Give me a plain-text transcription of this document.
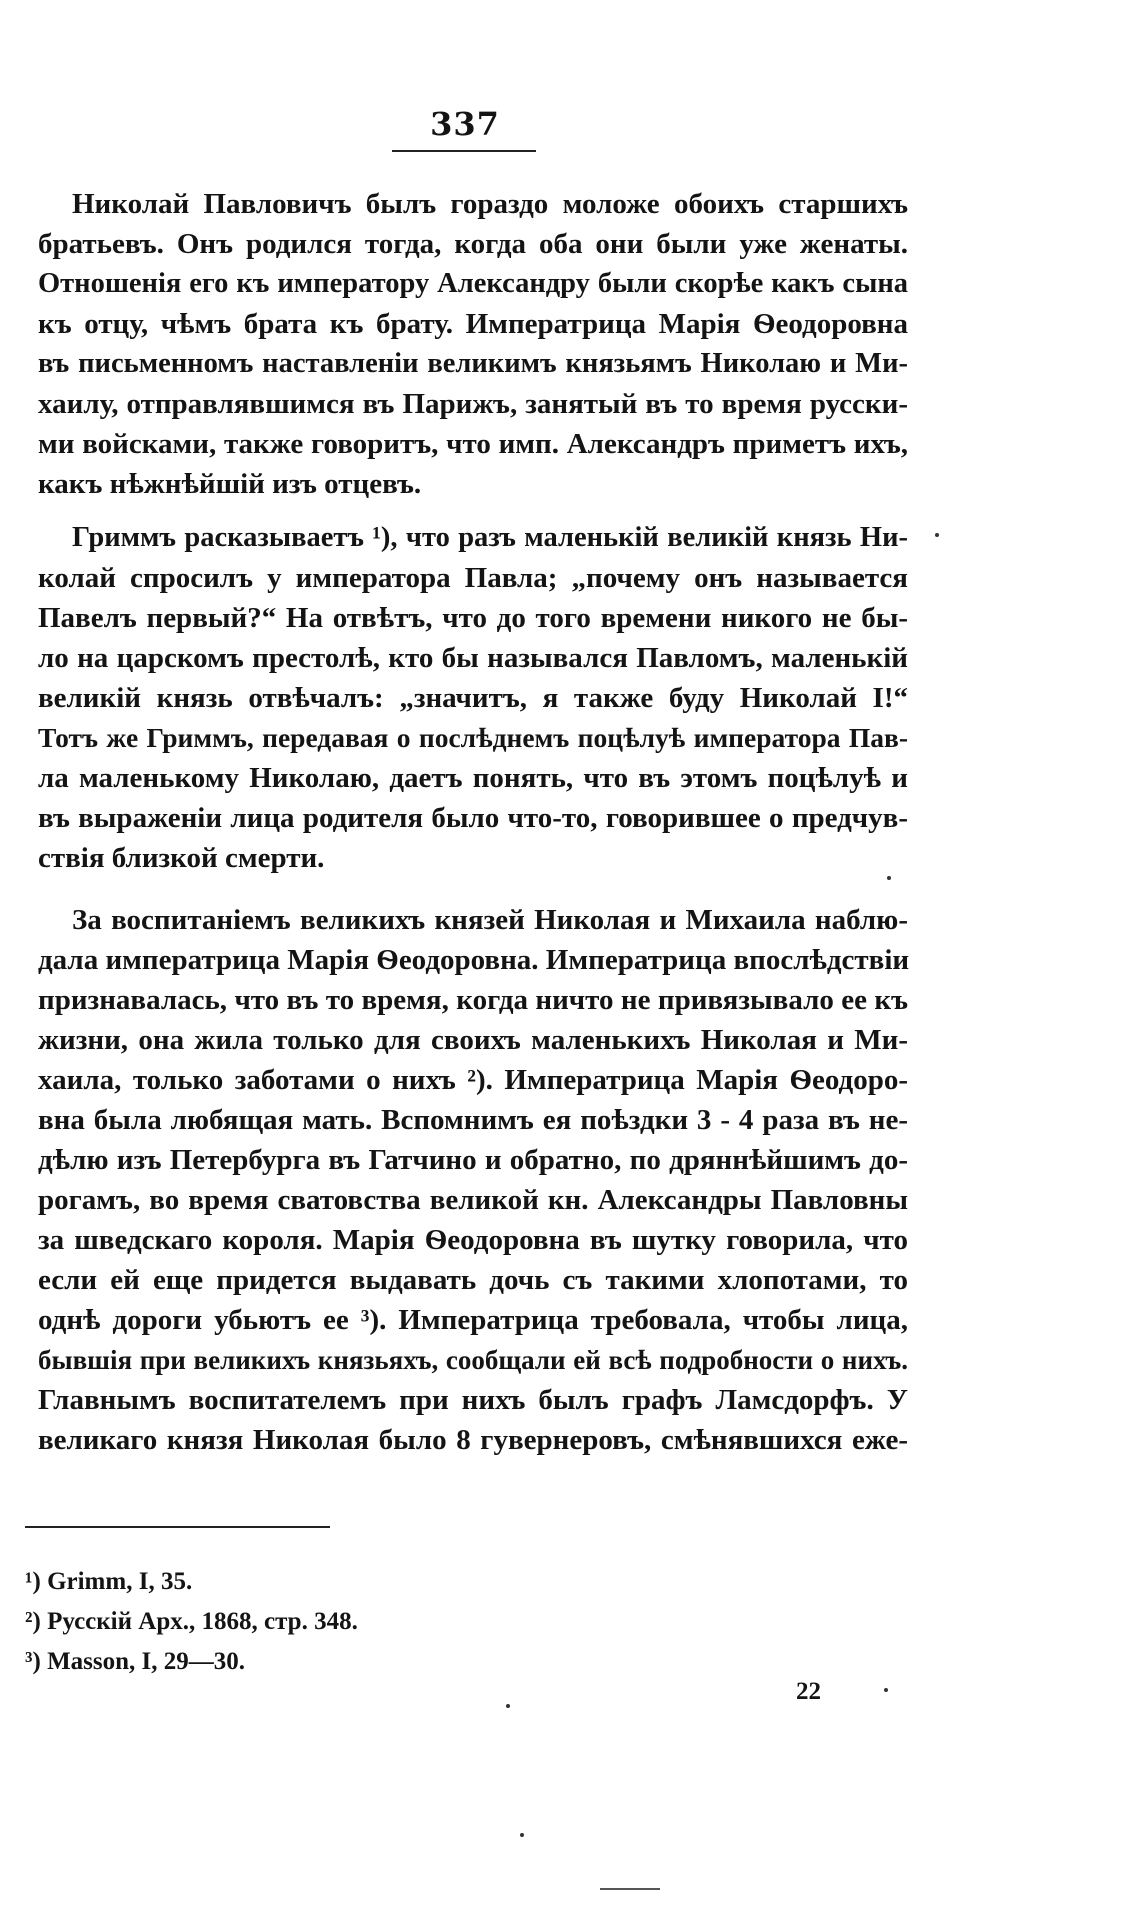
337
Николай Павловичъ былъ гораздо моложе обоихъ старшихъ
братьевъ. Онъ родился тогда, когда оба они были уже женаты.
Отношенія его къ императору Александру были скорѣе какъ сына
къ отцу, чѣмъ брата къ брату. Императрица Марія Ѳеодоровна
въ письменномъ наставленіи великимъ князьямъ Николаю и Ми-
хаилу, отправлявшимся въ Парижъ, занятый въ то время русски-
ми войсками, также говоритъ, что имп. Александръ приметъ ихъ,
какъ нѣжнѣйшій изъ отцевъ.
Гриммъ расказываетъ ¹), что разъ маленькій великій князь Ни-
колай спросилъ у императора Павла; „почему онъ называется
Павелъ первый?“ На отвѣтъ, что до того времени никого не бы-
ло на царскомъ престолѣ, кто бы назывался Павломъ, маленькій
великій князь отвѣчалъ: „значитъ, я также буду Николай I!“
Тотъ же Гриммъ, передавая о послѣднемъ поцѣлуѣ императора Пав-
ла маленькому Николаю, даетъ понять, что въ этомъ поцѣлуѣ и
въ выраженіи лица родителя было что-то, говорившее о предчув-
ствія близкой смерти.
За воспитаніемъ великихъ князей Николая и Михаила наблю-
дала императрица Марія Ѳеодоровна. Императрица впослѣдствіи
признавалась, что въ то время, когда ничто не привязывало ее къ
жизни, она жила только для своихъ маленькихъ Николая и Ми-
хаила, только заботами о нихъ ²). Императрица Марія Ѳеодоро-
вна была любящая мать. Вспомнимъ ея поѣздки 3 - 4 раза въ не-
дѣлю изъ Петербурга въ Гатчино и обратно, по дряннѣйшимъ до-
рогамъ, во время сватовства великой кн. Александры Павловны
за шведскаго короля. Марія Ѳеодоровна въ шутку говорила, что
если ей еще придется выдавать дочь съ такими хлопотами, то
однѣ дороги убьютъ ее ³). Императрица требовала, чтобы лица,
бывшія при великихъ князьяхъ, сообщали ей всѣ подробности о нихъ.
Главнымъ воспитателемъ при нихъ былъ графъ Ламсдорфъ. У
великаго князя Николая было 8 гувернеровъ, смѣнявшихся еже-
¹) Grimm, I, 35.
²) Русскій Арх., 1868, стр. 348.
³) Masson, I, 29—30.
22
